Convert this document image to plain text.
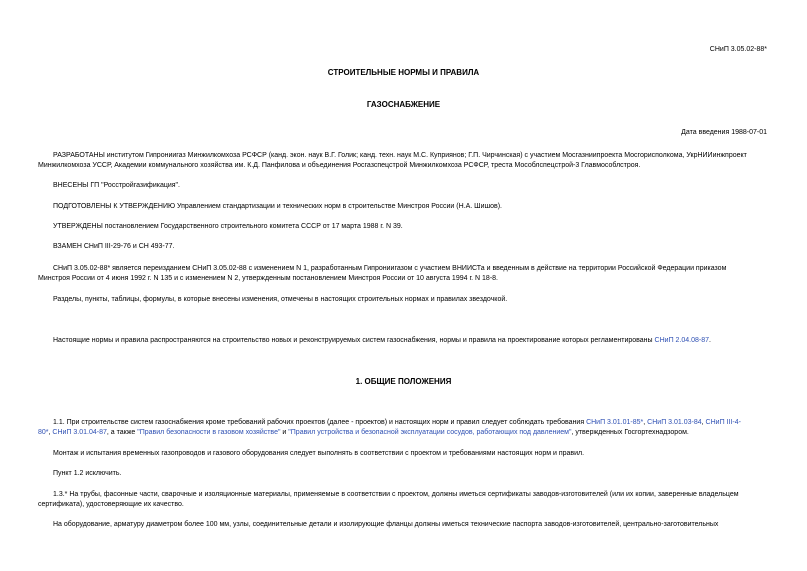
СНиП 3.05.02-88*
СТРОИТЕЛЬНЫЕ НОРМЫ И ПРАВИЛА
ГАЗОСНАБЖЕНИЕ
Дата введения 1988-07-01
РАЗРАБОТАНЫ институтом Гипрониигаз Минжилкомхоза РСФСР (канд. экон. наук В.Г. Голик; канд. техн. наук М.С. Куприянов; Г.П. Чирчинская) с участием Мосгазниипроекта Мосгорисполкома, УкрНИИинжпроект
Минжилкомхоза УССР, Академии коммунального хозяйства им. К.Д. Панфилова и объединения Росгазспецстрой Минжилкомхоза РСФСР, треста Мособлспецстрой-3 Главмособлстроя.
ВНЕСЕНЫ ГП "Росстройгазификация".
ПОДГОТОВЛЕНЫ К УТВЕРЖДЕНИЮ Управлением стандартизации и технических норм в строительстве Минстроя России (Н.А. Шишов).
УТВЕРЖДЕНЫ постановлением Государственного строительного комитета СССР от 17 марта 1988 г. N 39.
ВЗАМЕН СНиП III-29-76 и СН 493-77.
СНиП 3.05.02-88* является переизданием СНиП 3.05.02-88 с изменением N 1, разработанным Гипрониигазом с участием ВНИИСТа и введенным в действие на территории Российской Федерации приказом
Минстроя России от 4 июня 1992 г. N 135 и с изменением N 2, утвержденным постановлением Минстроя России от 10 августа 1994 г. N 18-8.
Разделы, пункты, таблицы, формулы, в которые внесены изменения, отмечены в настоящих строительных нормах и правилах звездочкой.
Настоящие нормы и правила распространяются на строительство новых и реконструируемых систем газоснабжения, нормы и правила на проектирование которых регламентированы СНиП 2.04.08-87.
1. ОБЩИЕ ПОЛОЖЕНИЯ
1.1. При строительстве систем газоснабжения кроме требований рабочих проектов (далее - проектов) и настоящих норм и правил следует соблюдать требования СНиП 3.01.01-85*, СНиП 3.01.03-84, СНиП III-4-
80*, СНиП 3.01.04-87, а также "Правил безопасности в газовом хозяйстве" и "Правил устройства и безопасной эксплуатации сосудов, работающих под давлением", утвержденных Госгортехнадзором.
Монтаж и испытания временных газопроводов и газового оборудования следует выполнять в соответствии с проектом и требованиями настоящих норм и правил.
Пункт 1.2 исключить.
1.3.* На трубы, фасонные части, сварочные и изоляционные материалы, применяемые в соответствии с проектом, должны иметься сертификаты заводов-изготовителей (или их копии, заверенные владельцем
сертификата), удостоверяющие их качество.
На оборудование, арматуру диаметром более 100 мм, узлы, соединительные детали и изолирующие фланцы должны иметься технические паспорта заводов-изготовителей, центрально-заготовительных
